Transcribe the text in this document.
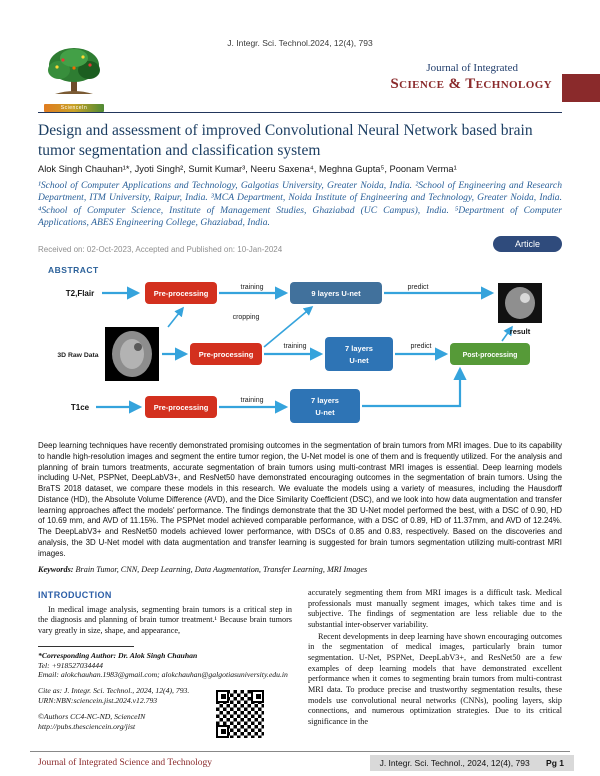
J. Integr. Sci. Technol.2024, 12(4), 793
ScienceIn
Journal of Integrated
Science & Technology
Design and assessment of improved Convolutional Neural Network based brain tumor segmentation and classification system
Alok Singh Chauhan¹*, Jyoti Singh², Sumit Kumar³, Neeru Saxena⁴, Meghna Gupta⁵, Poonam Verma¹
¹School of Computer Applications and Technology, Galgotias University, Greater Noida, India. ²School of Engineering and Research Department, ITM University, Raipur, India. ³MCA Department, Noida Institute of Engineering and Technology, Greater Noida, India. ⁴School of Computer Science, Institute of Management Studies, Ghaziabad (UC Campus), India. ⁵Department of Computer Applications, ABES Engineering College, Ghaziabad, India.
Received on: 02-Oct-2023, Accepted and Published on: 10-Jan-2024
Article
ABSTRACT
T2,Flair	Pre-processing
training
9 layers U-net
predict
cropping
3D Raw Data	Pre-processing
training	7 layers
U-net
predict
Post-processing
result
T1ce	Pre-processing
training	7 layers
U-net

Deep learning techniques have recently demonstrated promising outcomes in the segmentation of brain tumors from MRI images. Due to its capability to handle high-resolution images and segment the entire tumor region, the U-Net model is one of them and is frequently utilized. For the analysis and planning of brain tumors treatments, accurate segmentation of brain tumors using multi-contrast MRI images is essential. Deep learning models including U-Net, PSPNet, DeepLabV3+, and ResNet50 have demonstrated encouraging outcomes in the segmentation of brain tumors. Using the BraTS 2018 dataset, we compare these models in this research. We evaluate the models using a variety of measures, including the Hausdorff Distance (HD), the Absolute Volume Difference (AVD), and the Dice Similarity Coefficient (DSC), and we look into how data augmentation and transfer learning approaches affect the models' performance. The findings demonstrate that the 3D U-Net model performed the best, with a DSC of 0.90, HD of 10.69 mm, and AVD of 11.15%. The PSPNet model achieved comparable performance, with a DSC of 0.89, HD of 11.37mm, and AVD of 12.24%. The DeepLabV3+ and ResNet50 models achieved lower performance, with DSCs of 0.85 and 0.83, respectively. Based on the discoveries and analysis, the 3D U-Net model with data augmentation and transfer learning is suggested for brain tumors segmentation utilizing multi-contrast MRI images.

Keywords: Brain Tumor, CNN, Deep Learning, Data Augmentation, Transfer Learning, MRI Images

INTRODUCTION

In medical image analysis, segmenting brain tumors is a critical step in the diagnosis and planning of brain tumor treatment.¹ Because brain tumors vary greatly in size, shape, and appearance,

*Corresponding Author: Dr. Alok Singh Chauhan
Tel: +918527034444
Email: alokchauhan.1983@gmail.com; alokchauhan@galgotiasuniversity.edu.in
Cite as: J. Integr. Sci. Technol., 2024, 12(4), 793.
URN:NBN:sciencein.jist.2024.v12.793
©Authors CC4-NC-ND, ScienceIN
http://pubs.thesciencein.org/jist

accurately segmenting them from MRI images is a difficult task. Medical professionals must manually segment images, which takes time and is subjective. The findings of segmentation are less reliable due to the substantial inter-observer variability.

Recent developments in deep learning have shown encouraging outcomes in the segmentation of medical images, particularly brain tumor segmentation. U-Net, PSPNet, DeepLabV3+, and ResNet50 are a few examples of deep learning models that have demonstrated excellent performance when it comes to segmenting brain tumors from multi-contrast MRI data. To produce precise and trustworthy segmentation results, these models use convolutional neural networks (CNNs), pooling layers, skip connections, and numerous optimization strategies. Due to its critical significance in the

Journal of Integrated Science and Technology	J. Integr. Sci. Technol., 2024, 12(4), 793 Pg 1
